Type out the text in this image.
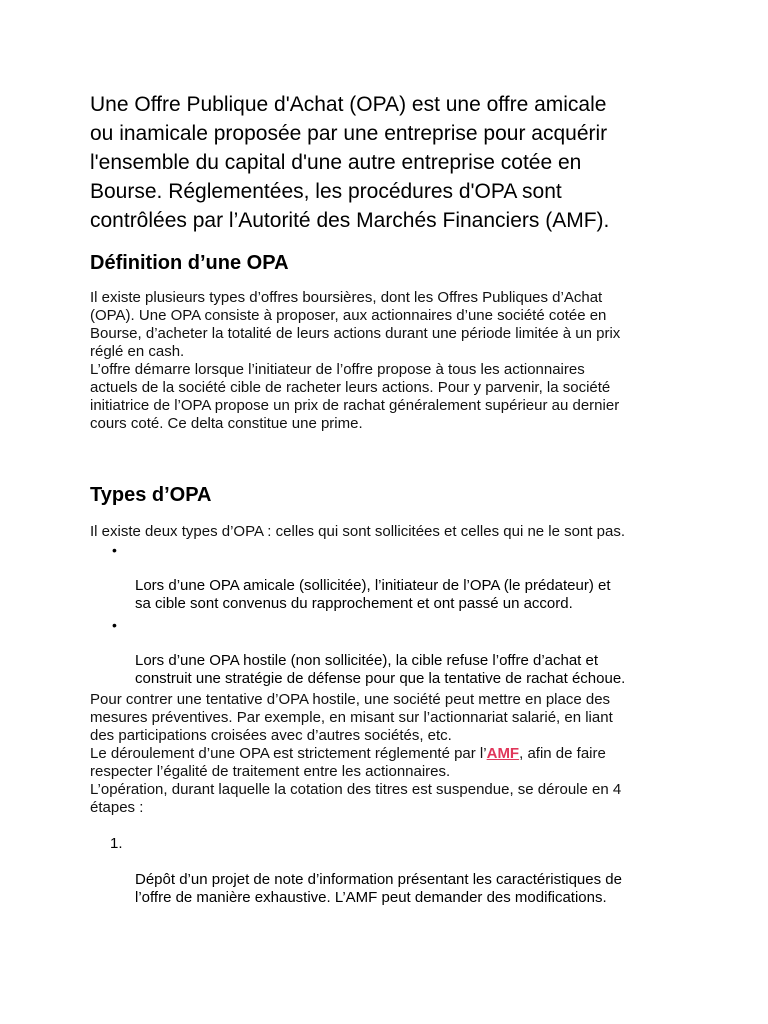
Une Offre Publique d'Achat (OPA) est une offre amicale
ou inamicale proposée par une entreprise pour acquérir
l'ensemble du capital d'une autre entreprise cotée en
Bourse. Réglementées, les procédures d'OPA sont
contrôlées par l’Autorité des Marchés Financiers (AMF).

Définition d’une OPA

Il existe plusieurs types d’offres boursières, dont les Offres Publiques d’Achat
(OPA). Une OPA consiste à proposer, aux actionnaires d’une société cotée en
Bourse, d’acheter la totalité de leurs actions durant une période limitée à un prix
réglé en cash.

L’offre démarre lorsque l’initiateur de l’offre propose à tous les actionnaires
actuels de la société cible de racheter leurs actions. Pour y parvenir, la société
initiatrice de l’OPA propose un prix de rachat généralement supérieur au dernier
cours coté. Ce delta constitue une prime.

Types d’OPA

Il existe deux types d’OPA : celles qui sont sollicitées et celles qui ne le sont pas.

•

Lors d’une OPA amicale (sollicitée), l’initiateur de l’OPA (le prédateur) et
sa cible sont convenus du rapprochement et ont passé un accord.

•

Lors d’une OPA hostile (non sollicitée), la cible refuse l’offre d’achat et
construit une stratégie de défense pour que la tentative de rachat échoue.

Pour contrer une tentative d’OPA hostile, une société peut mettre en place des
mesures préventives. Par exemple, en misant sur l’actionnariat salarié, en liant
des participations croisées avec d’autres sociétés, etc.

Le déroulement d’une OPA est strictement réglementé par l’AMF, afin de faire
respecter l’égalité de traitement entre les actionnaires.

L’opération, durant laquelle la cotation des titres est suspendue, se déroule en 4
étapes :

1.

Dépôt d’un projet de note d’information présentant les caractéristiques de
l’offre de manière exhaustive. L’AMF peut demander des modifications.
